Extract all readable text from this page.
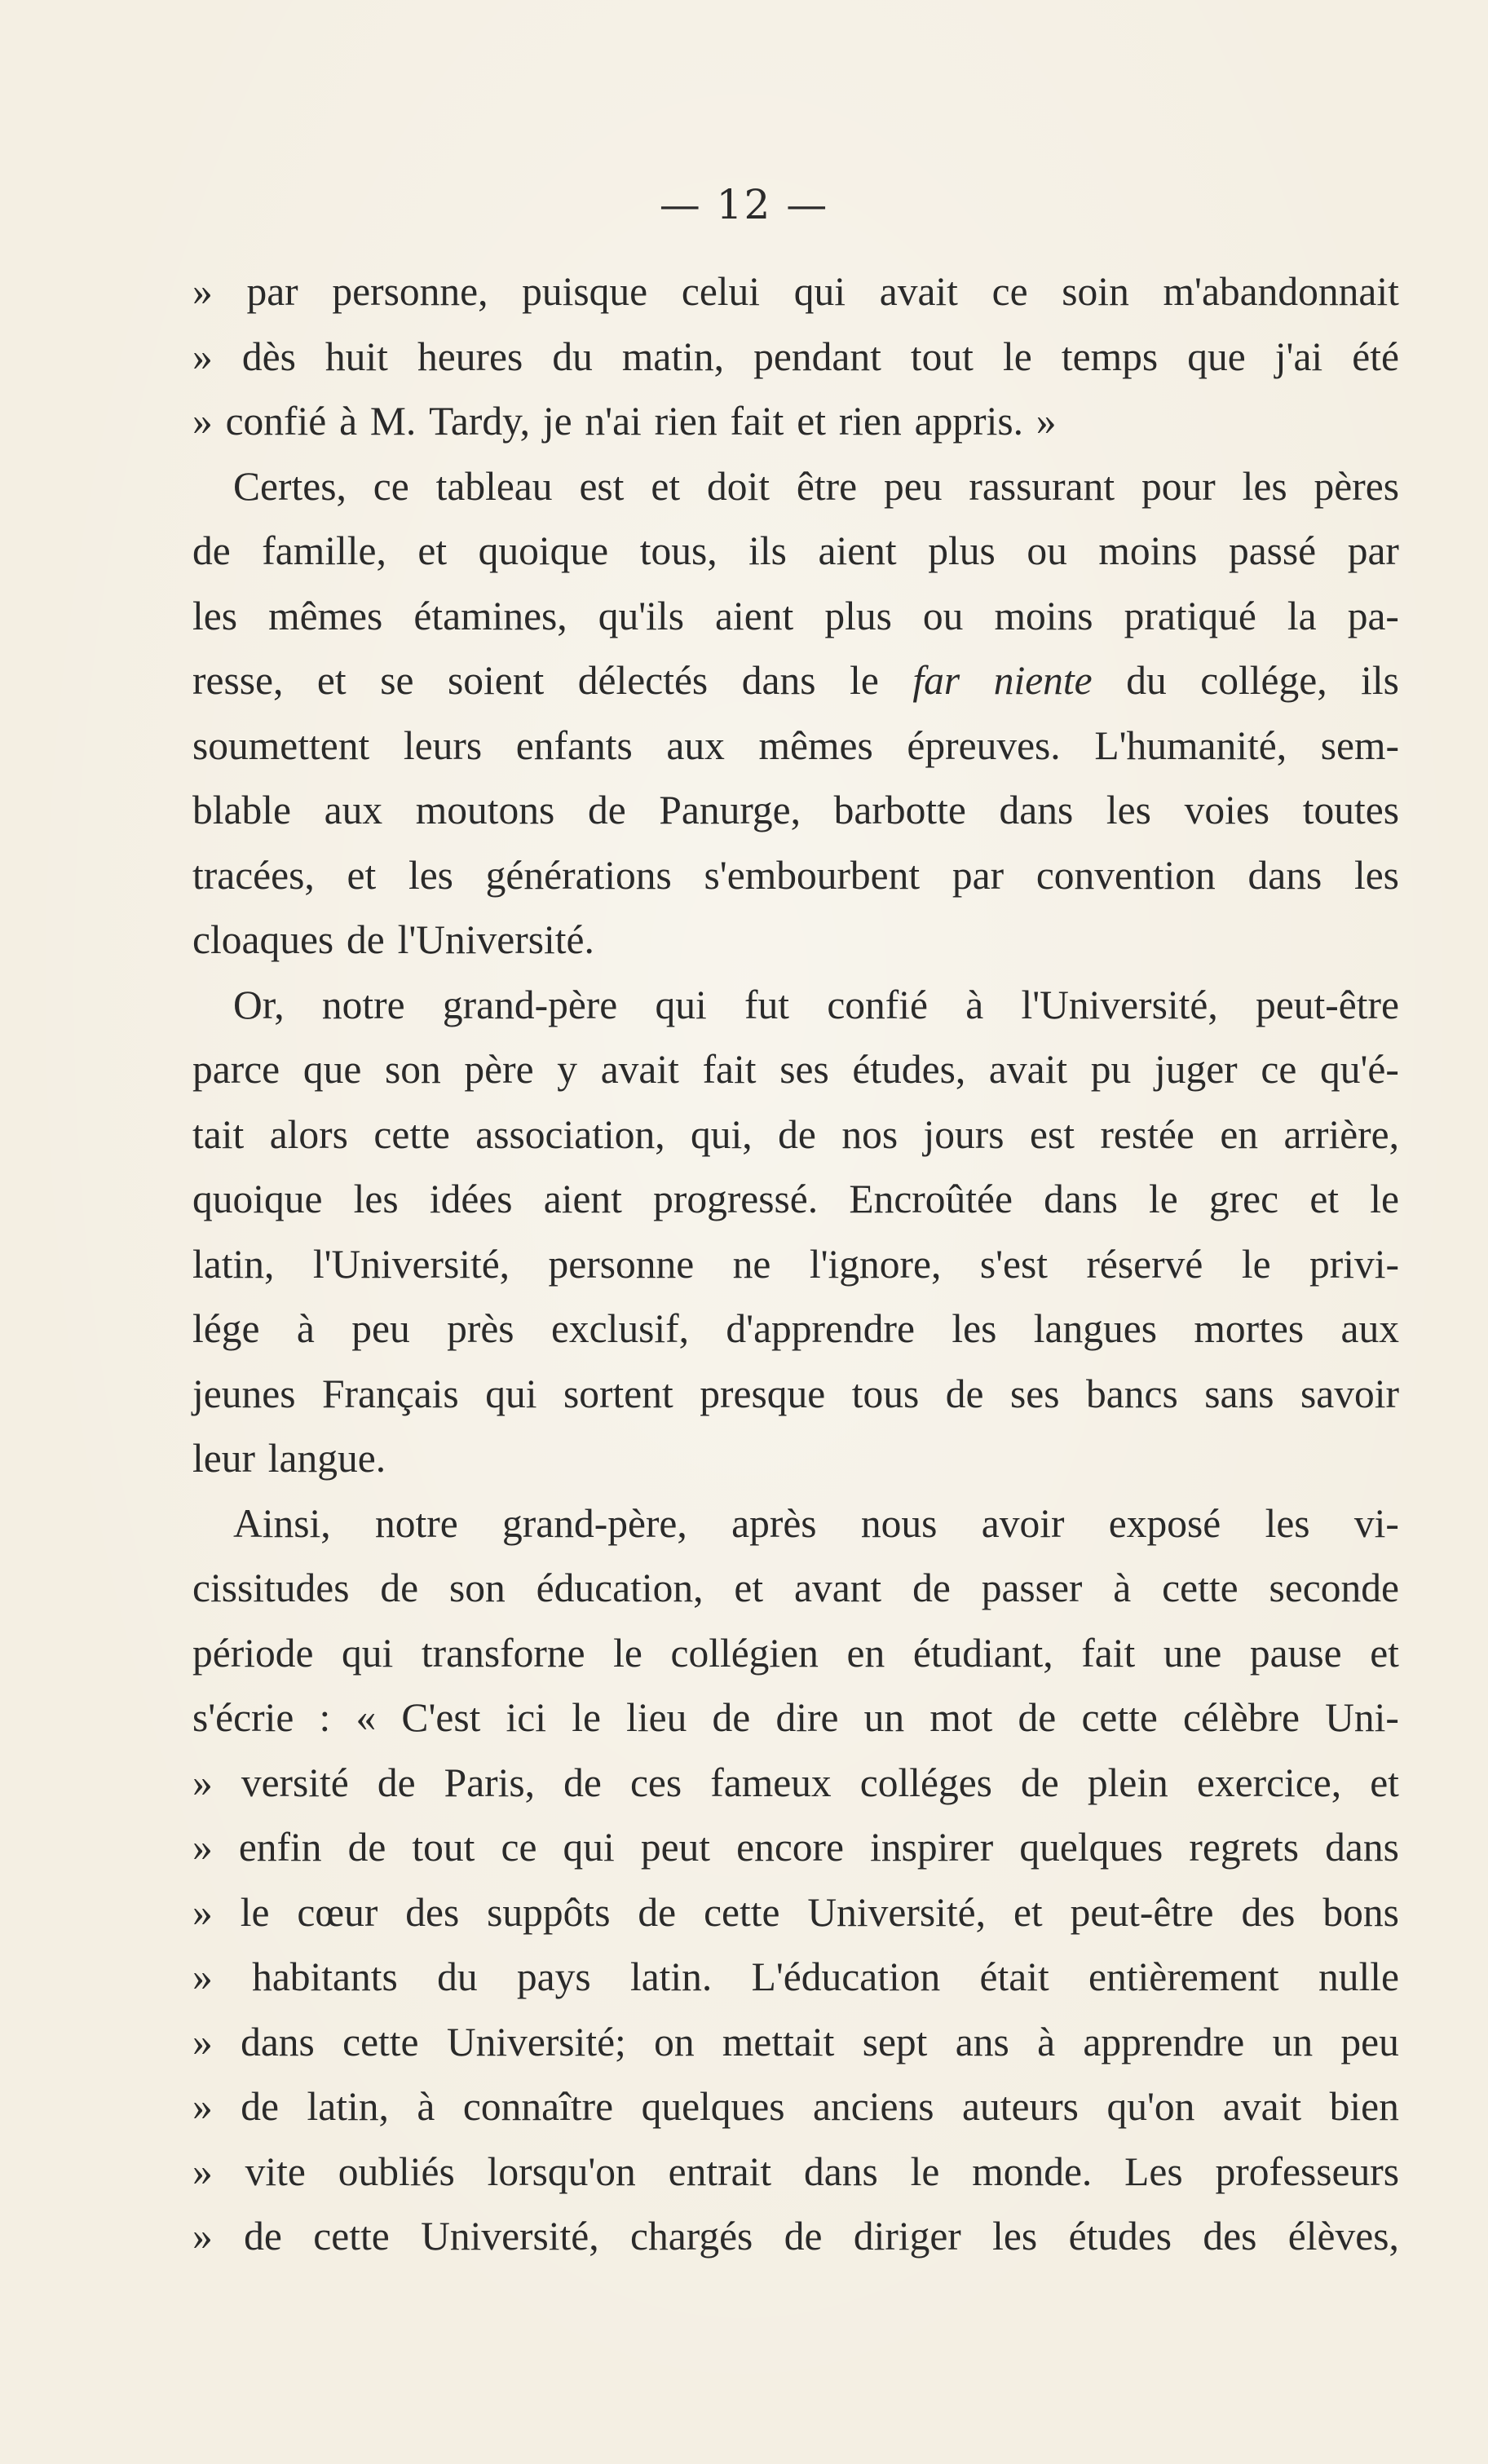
— 12 —
» par personne, puisque celui qui avait ce soin m'abandonnait
» dès huit heures du matin, pendant tout le temps que j'ai été
» confié à M. Tardy, je n'ai rien fait et rien appris. »
Certes, ce tableau est et doit être peu rassurant pour les pères
de famille, et quoique tous, ils aient plus ou moins passé par
les mêmes étamines, qu'ils aient plus ou moins pratiqué la pa-
resse, et se soient délectés dans le far niente du collége, ils
soumettent leurs enfants aux mêmes épreuves. L'humanité, sem-
blable aux moutons de Panurge, barbotte dans les voies toutes
tracées, et les générations s'embourbent par convention dans les
cloaques de l'Université.
Or, notre grand-père qui fut confié à l'Université, peut-être
parce que son père y avait fait ses études, avait pu juger ce qu'é-
tait alors cette association, qui, de nos jours est restée en arrière,
quoique les idées aient progressé. Encroûtée dans le grec et le
latin, l'Université, personne ne l'ignore, s'est réservé le privi-
lége à peu près exclusif, d'apprendre les langues mortes aux
jeunes Français qui sortent presque tous de ses bancs sans savoir
leur langue.
Ainsi, notre grand-père, après nous avoir exposé les vi-
cissitudes de son éducation, et avant de passer à cette seconde
période qui transforne le collégien en étudiant, fait une pause et
s'écrie : « C'est ici le lieu de dire un mot de cette célèbre Uni-
» versité de Paris, de ces fameux colléges de plein exercice, et
» enfin de tout ce qui peut encore inspirer quelques regrets dans
» le cœur des suppôts de cette Université, et peut-être des bons
» habitants du pays latin. L'éducation était entièrement nulle
» dans cette Université; on mettait sept ans à apprendre un peu
» de latin, à connaître quelques anciens auteurs qu'on avait bien
» vite oubliés lorsqu'on entrait dans le monde. Les professeurs
» de cette Université, chargés de diriger les études des élèves,
